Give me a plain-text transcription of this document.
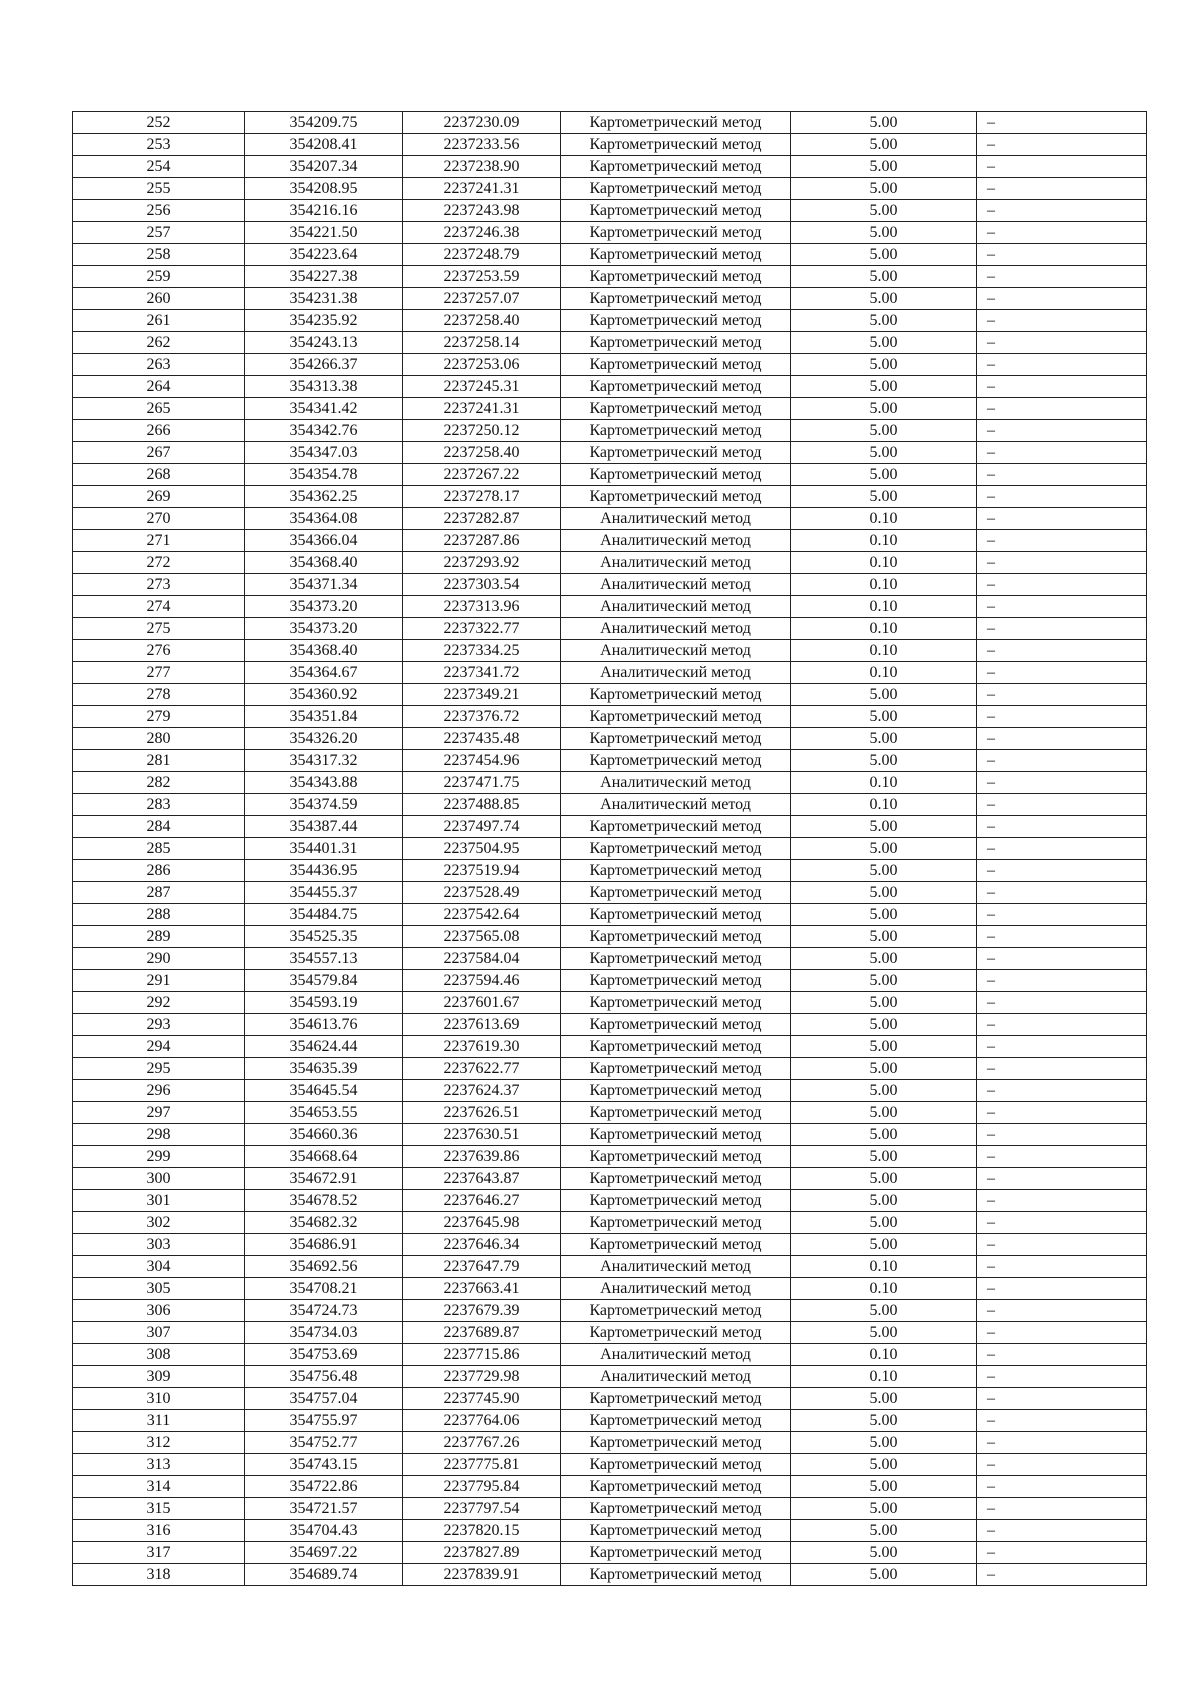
252	354209.75	2237230.09	Картометрический метод	5.00	–
253	354208.41	2237233.56	Картометрический метод	5.00	–
254	354207.34	2237238.90	Картометрический метод	5.00	–
255	354208.95	2237241.31	Картометрический метод	5.00	–
256	354216.16	2237243.98	Картометрический метод	5.00	–
257	354221.50	2237246.38	Картометрический метод	5.00	–
258	354223.64	2237248.79	Картометрический метод	5.00	–
259	354227.38	2237253.59	Картометрический метод	5.00	–
260	354231.38	2237257.07	Картометрический метод	5.00	–
261	354235.92	2237258.40	Картометрический метод	5.00	–
262	354243.13	2237258.14	Картометрический метод	5.00	–
263	354266.37	2237253.06	Картометрический метод	5.00	–
264	354313.38	2237245.31	Картометрический метод	5.00	–
265	354341.42	2237241.31	Картометрический метод	5.00	–
266	354342.76	2237250.12	Картометрический метод	5.00	–
267	354347.03	2237258.40	Картометрический метод	5.00	–
268	354354.78	2237267.22	Картометрический метод	5.00	–
269	354362.25	2237278.17	Картометрический метод	5.00	–
270	354364.08	2237282.87	Аналитический метод	0.10	–
271	354366.04	2237287.86	Аналитический метод	0.10	–
272	354368.40	2237293.92	Аналитический метод	0.10	–
273	354371.34	2237303.54	Аналитический метод	0.10	–
274	354373.20	2237313.96	Аналитический метод	0.10	–
275	354373.20	2237322.77	Аналитический метод	0.10	–
276	354368.40	2237334.25	Аналитический метод	0.10	–
277	354364.67	2237341.72	Аналитический метод	0.10	–
278	354360.92	2237349.21	Картометрический метод	5.00	–
279	354351.84	2237376.72	Картометрический метод	5.00	–
280	354326.20	2237435.48	Картометрический метод	5.00	–
281	354317.32	2237454.96	Картометрический метод	5.00	–
282	354343.88	2237471.75	Аналитический метод	0.10	–
283	354374.59	2237488.85	Аналитический метод	0.10	–
284	354387.44	2237497.74	Картометрический метод	5.00	–
285	354401.31	2237504.95	Картометрический метод	5.00	–
286	354436.95	2237519.94	Картометрический метод	5.00	–
287	354455.37	2237528.49	Картометрический метод	5.00	–
288	354484.75	2237542.64	Картометрический метод	5.00	–
289	354525.35	2237565.08	Картометрический метод	5.00	–
290	354557.13	2237584.04	Картометрический метод	5.00	–
291	354579.84	2237594.46	Картометрический метод	5.00	–
292	354593.19	2237601.67	Картометрический метод	5.00	–
293	354613.76	2237613.69	Картометрический метод	5.00	–
294	354624.44	2237619.30	Картометрический метод	5.00	–
295	354635.39	2237622.77	Картометрический метод	5.00	–
296	354645.54	2237624.37	Картометрический метод	5.00	–
297	354653.55	2237626.51	Картометрический метод	5.00	–
298	354660.36	2237630.51	Картометрический метод	5.00	–
299	354668.64	2237639.86	Картометрический метод	5.00	–
300	354672.91	2237643.87	Картометрический метод	5.00	–
301	354678.52	2237646.27	Картометрический метод	5.00	–
302	354682.32	2237645.98	Картометрический метод	5.00	–
303	354686.91	2237646.34	Картометрический метод	5.00	–
304	354692.56	2237647.79	Аналитический метод	0.10	–
305	354708.21	2237663.41	Аналитический метод	0.10	–
306	354724.73	2237679.39	Картометрический метод	5.00	–
307	354734.03	2237689.87	Картометрический метод	5.00	–
308	354753.69	2237715.86	Аналитический метод	0.10	–
309	354756.48	2237729.98	Аналитический метод	0.10	–
310	354757.04	2237745.90	Картометрический метод	5.00	–
311	354755.97	2237764.06	Картометрический метод	5.00	–
312	354752.77	2237767.26	Картометрический метод	5.00	–
313	354743.15	2237775.81	Картометрический метод	5.00	–
314	354722.86	2237795.84	Картометрический метод	5.00	–
315	354721.57	2237797.54	Картометрический метод	5.00	–
316	354704.43	2237820.15	Картометрический метод	5.00	–
317	354697.22	2237827.89	Картометрический метод	5.00	–
318	354689.74	2237839.91	Картометрический метод	5.00	–
